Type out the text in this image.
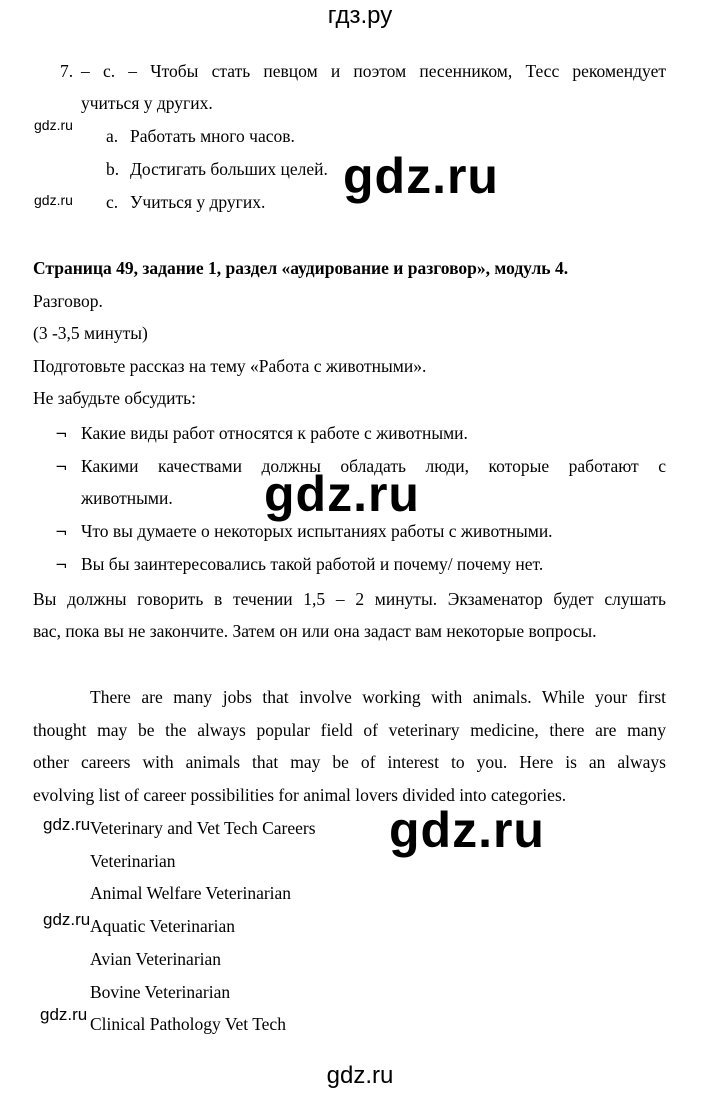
гдз.ру
gdz.ru
7. – c. – Чтобы стать певцом и поэтом песенником, Тесс рекомендует
учиться у других.
a. Работать много часов.
b. Достигать больших целей.
c. Учиться у других.
Страница 49, задание 1, раздел «аудирование и разговор», модуль 4.
Разговор.
(3 -3,5 минуты)
Подготовьте рассказ на тему «Работа с животными».
Не забудьте обсудить:
¬ Какие виды работ относятся к работе с животными.
¬ Какими качествами должны обладать люди, которые работают с
животными.
¬ Что вы думаете о некоторых испытаниях работы с животными.
¬ Вы бы заинтересовались такой работой и почему/ почему нет.
Вы должны говорить в течении 1,5 – 2 минуты. Экзаменатор будет слушать
вас, пока вы не закончите. Затем он или она задаст вам некоторые вопросы.
There are many jobs that involve working with animals. While your first
thought may be the always popular field of veterinary medicine, there are many
other careers with animals that may be of interest to you. Here is an always
evolving list of career possibilities for animal lovers divided into categories.
Veterinary and Vet Tech Careers
Veterinarian
Animal Welfare Veterinarian
Aquatic Veterinarian
Avian Veterinarian
Bovine Veterinarian
Clinical Pathology Vet Tech
gdz.ru
gdz.ru	gdz.ru
gdz.ru
gdz.ru
gdz.ru
gdz.ru
gdz.ru
